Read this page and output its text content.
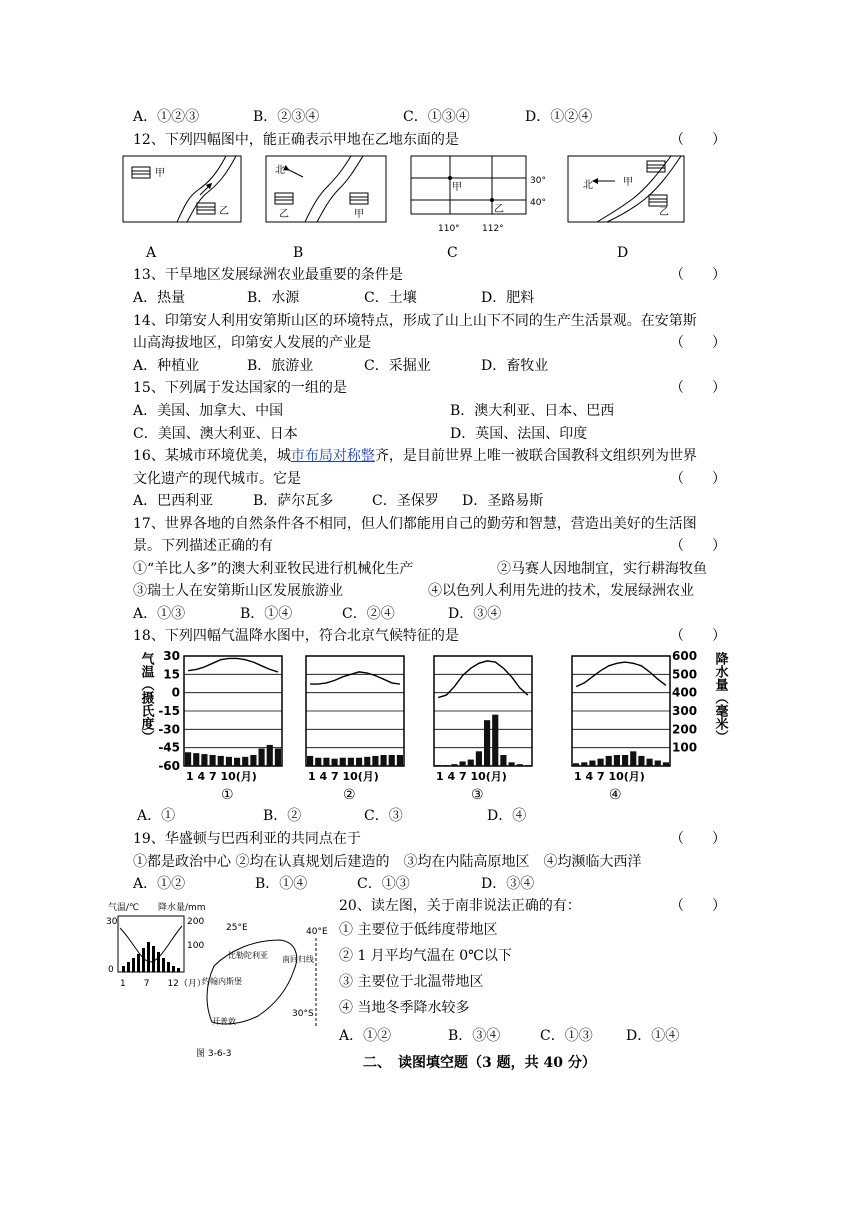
A．①②③	B．②③④	C．①③④	D．①②④
12、下列四幅图中，能正确表示甲地在乙地东面的是	（　　）
甲
乙
北
乙	甲
甲
乙
30°
40°
110° 112°
北	甲
乙
A	B	C	D
13、干旱地区发展绿洲农业最重要的条件是	（　　）
A．热量	B．水源	C．土壤	D．肥料
14、印第安人利用安第斯山区的环境特点，形成了山上山下不同的生产生活景观。在安第斯
山高海拔地区，印第安人发展的产业是	（　　）
A．种植业	B．旅游业	C．采掘业	D．畜牧业
15、下列属于发达国家的一组的是	（　　）
A．美国、加拿大、中国	B．澳大利亚、日本、巴西
C．美国、澳大利亚、日本	D．英国、法国、印度
16、某城市环境优美，城市布局对称整齐，是目前世界上唯一被联合国教科文组织列为世界
文化遗产的现代城市。它是	（　　）
A．巴西利亚	B．萨尔瓦多	C．圣保罗 D．圣路易斯
17、世界各地的自然条件各不相同，但人们都能用自己的勤劳和智慧，营造出美好的生活图
景。下列描述正确的有	（　　）
①“羊比人多”的澳大利亚牧民进行机械化生产	②马赛人因地制宜，实行耕海牧鱼
③瑞士人在安第斯山区发展旅游业	④以色列人利用先进的技术，发展绿洲农业
A．①③	B．①④	C．②④	D．③④
18、下列四幅气温降水图中，符合北京气候特征的是	（　　）
气温（摄氏度）	降水量（毫米）
30
15
0
-15
-30
-45
-60
600
500
400
300
200
100
1 4 7 10(月)
①
1 4 7 10(月)
②
1 4 7 10(月)
③
1 4 7 10(月)
④
A．①	B．②	C．③	D．④
19、华盛顿与巴西利亚的共同点在于	（　　）
①都是政治中心 ②均在认真规划后建造的　③均在内陆高原地区　④均濒临大西洋
A．①②	B．①④	C．①③	D．③④
气温/℃ 降水量/mm
30
0
200
100
1　　7　　12（月）
25°E	40°E
比勒陀利亚
约翰内斯堡
开普敦
南回归线
30°S
图 3-6-3
20、读左图，关于南非说法正确的有：	（　　）
① 主要位于低纬度带地区
② 1 月平均气温在 0℃以下
③ 主要位于北温带地区
④ 当地冬季降水较多
A．①②	B．③④	C．①③ D．①④
二、　读图填空题（3 题，共 40 分）
